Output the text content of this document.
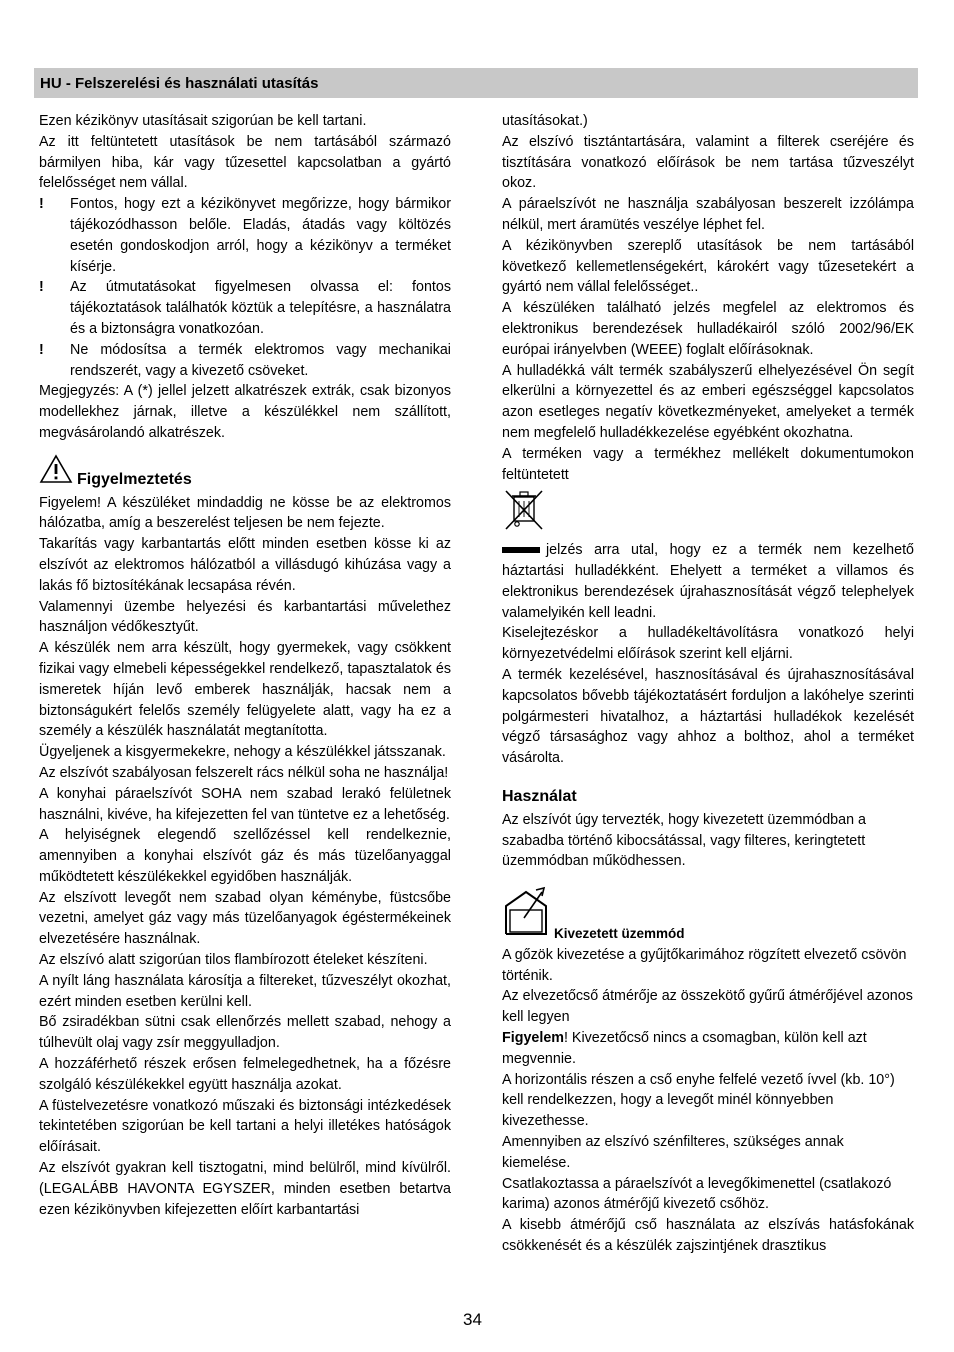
HU - Felszerelési és használati utasítás

Ezen kézikönyv utasításait szigorúan be kell tartani.

Az itt feltüntetett utasítások be nem tartásából származó bármilyen hiba, kár vagy tűzesettel kapcsolatban a gyártó felelősséget nem vállal.

!	Fontos, hogy ezt a kézikönyvet megőrizze, hogy bármikor tájékozódhasson belőle. Eladás, átadás vagy költözés esetén gondoskodjon arról, hogy a kézikönyv a terméket kísérje.
!	Az útmutatásokat figyelmesen olvassa el: fontos tájékoztatások találhatók köztük a telepítésre, a használatra és a biztonságra vonatkozóan.
!	Ne módosítsa a termék elektromos vagy mechanikai rendszerét, vagy a kivezető csöveket.

Megjegyzés: A (*) jellel jelzett alkatrészek extrák, csak bizonyos modellekhez járnak, illetve a készülékkel nem szállított, megvásárolandó alkatrészek.

Figyelmeztetés

Figyelem! A készüléket mindaddig ne kösse be az elektromos hálózatba, amíg a beszerelést teljesen be nem fejezte.

Takarítás vagy karbantartás előtt minden esetben kösse ki az elszívót az elektromos hálózatból a villásdugó kihúzása vagy a lakás fő biztosítékának lecsapása révén.

Valamennyi üzembe helyezési és karbantartási művelethez használjon védőkesztyűt.

A készülék nem arra készült, hogy gyermekek, vagy csökkent fizikai vagy elmebeli képességekkel rendelkező, tapasztalatok és ismeretek híján levő emberek használják, hacsak nem a biztonságukért felelős személy felügyelete alatt, vagy ha ez a személy a készülék használatát megtanította.

Ügyeljenek a kisgyermekekre, nehogy a készülékkel játsszanak.

Az elszívót szabályosan felszerelt rács nélkül soha ne használja!

A konyhai páraelszívót SOHA nem szabad lerakó felületnek használni, kivéve, ha kifejezetten fel van tüntetve ez a lehetőség.

A helyiségnek elegendő szellőzéssel kell rendelkeznie, amennyiben a konyhai elszívót gáz és más tüzelőanyaggal működtetett készülékekkel egyidőben használják.

Az elszívott levegőt nem szabad olyan kéménybe, füstcsőbe vezetni, amelyet gáz vagy más tüzelőanyagok égéstermékeinek elvezetésére használnak.

Az elszívó alatt szigorúan tilos flambírozott ételeket készíteni.

A nyílt láng használata károsítja a filtereket, tűzveszélyt okozhat, ezért minden esetben kerülni kell.

Bő zsiradékban sütni csak ellenőrzés mellett szabad, nehogy a túlhevült olaj vagy zsír meggyulladjon.

A hozzáférhető részek erősen felmelegedhetnek, ha a főzésre szolgáló készülékekkel együtt használja azokat.

A füstelvezetésre vonatkozó műszaki és biztonsági intézkedések tekintetében szigorúan be kell tartani a helyi illetékes hatóságok előírásait.

Az elszívót gyakran kell tisztogatni, mind belülről, mind kívülről. (LEGALÁBB HAVONTA EGYSZER, minden esetben betartva ezen kézikönyvben kifejezetten előírt karbantartási

utasításokat.)

Az elszívó tisztántartására, valamint a filterek cseréjére és tisztítására vonatkozó előírások be nem tartása tűzveszélyt okoz.

A páraelszívót ne használja szabályosan beszerelt izzólámpa nélkül, mert áramütés veszélye léphet fel.

A kézikönyvben szereplő utasítások be nem tartásából következő kellemetlenségekért, károkért vagy tűzesetekért a gyártó nem vállal felelősséget..

A készüléken található jelzés megfelel az elektromos és elektronikus berendezések hulladékairól szóló 2002/96/EK európai irányelvben (WEEE) foglalt előírásoknak.

A hulladékká vált termék szabályszerű elhelyezésével Ön segít elkerülni a környezettel és az emberi egészséggel kapcsolatos azon esetleges negatív következményeket, amelyeket a termék nem megfelelő hulladékkezelése egyébként okozhatna.

A terméken vagy a termékhez mellékelt dokumentumokon feltüntetett

jelzés arra utal, hogy ez a termék nem kezelhető háztartási hulladékként. Ehelyett a terméket a villamos és elektronikus berendezések újrahasznosítását végző telephelyek valamelyikén kell leadni.

Kiselejtezéskor a hulladékeltávolításra vonatkozó helyi környezetvédelmi előírások szerint kell eljárni.

A termék kezelésével, hasznosításával és újrahasznosításával kapcsolatos bővebb tájékoztatásért forduljon a lakóhelye szerinti polgármesteri hivatalhoz, a háztartási hulladékok kezelését végző társasághoz vagy ahhoz a bolthoz, ahol a terméket vásárolta.

Használat

Az elszívót úgy tervezték, hogy kivezetett üzemmódban a szabadba történő kibocsátással, vagy filteres, keringtetett üzemmódban működhessen.

Kivezetett üzemmód

A gőzök kivezetése a gyűjtőkarimához rögzített elvezető csövön történik.

Az elvezetőcső átmérője az összekötő gyűrű átmérőjével azonos kell legyen

Figyelem! Kivezetőcső nincs a csomagban, külön kell azt megvennie.

A horizontális részen a cső enyhe felfelé vezető ívvel (kb. 10°) kell rendelkezzen, hogy a levegőt minél könnyebben kivezethesse.

Amennyiben az elszívó szénfilteres, szükséges annak kiemelése.

Csatlakoztassa a páraelszívót a levegőkimenettel (csatlakozó karima) azonos átmérőjű kivezető csőhöz.

A kisebb átmérőjű cső használata az elszívás hatásfokának csökkenését és a készülék zajszintjének drasztikus

34
